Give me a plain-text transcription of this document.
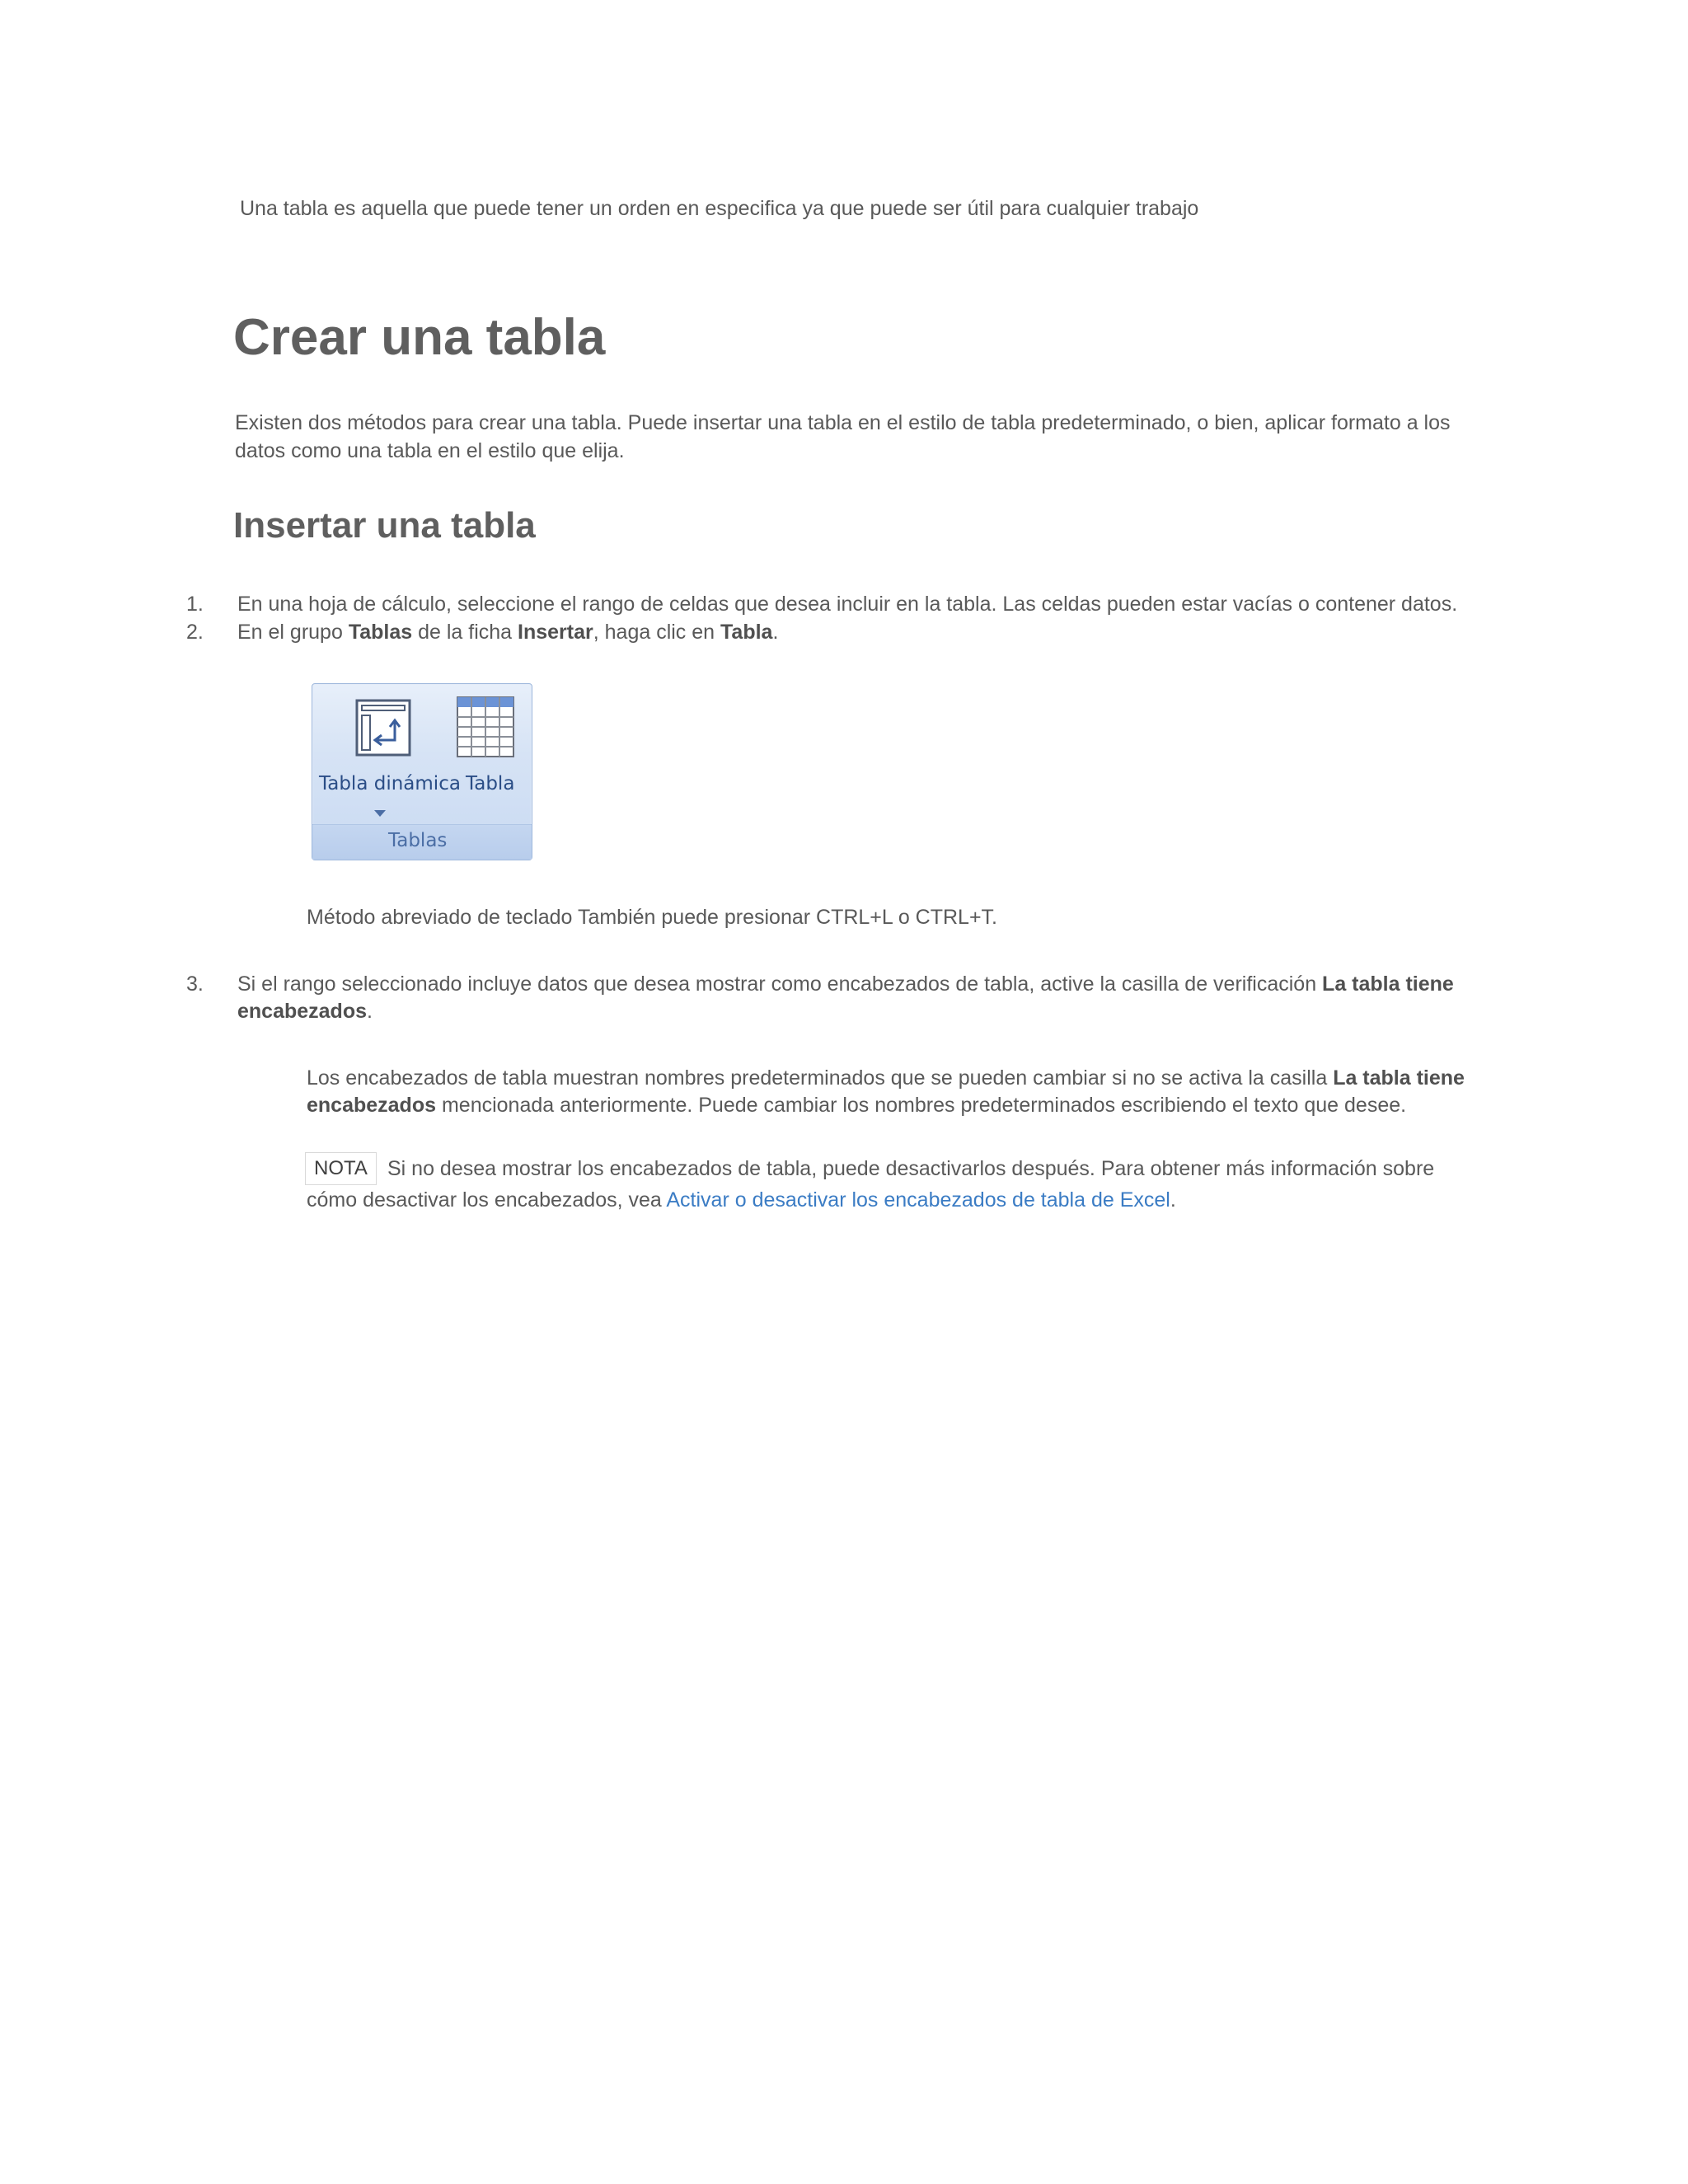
Una tabla es aquella que puede tener un orden en especifica ya que puede ser útil para cualquier trabajo
Crear una tabla
Existen dos métodos para crear una tabla. Puede insertar una tabla en el estilo de tabla predeterminado, o bien, aplicar formato a los
datos como una tabla en el estilo que elija.
Insertar una tabla
1. En una hoja de cálculo, seleccione el rango de celdas que desea incluir en la tabla. Las celdas pueden estar vacías o contener datos.
2. En el grupo Tablas de la ficha Insertar, haga clic en Tabla.
Tabla dinámica Tabla
Tablas
Método abreviado de teclado También puede presionar CTRL+L o CTRL+T.
3. Si el rango seleccionado incluye datos que desea mostrar como encabezados de tabla, active la casilla de verificación La tabla tiene
encabezados.
Los encabezados de tabla muestran nombres predeterminados que se pueden cambiar si no se activa la casilla La tabla tiene
encabezados mencionada anteriormente. Puede cambiar los nombres predeterminados escribiendo el texto que desee.
NOTA Si no desea mostrar los encabezados de tabla, puede desactivarlos después. Para obtener más información sobre
cómo desactivar los encabezados, vea Activar o desactivar los encabezados de tabla de Excel.
